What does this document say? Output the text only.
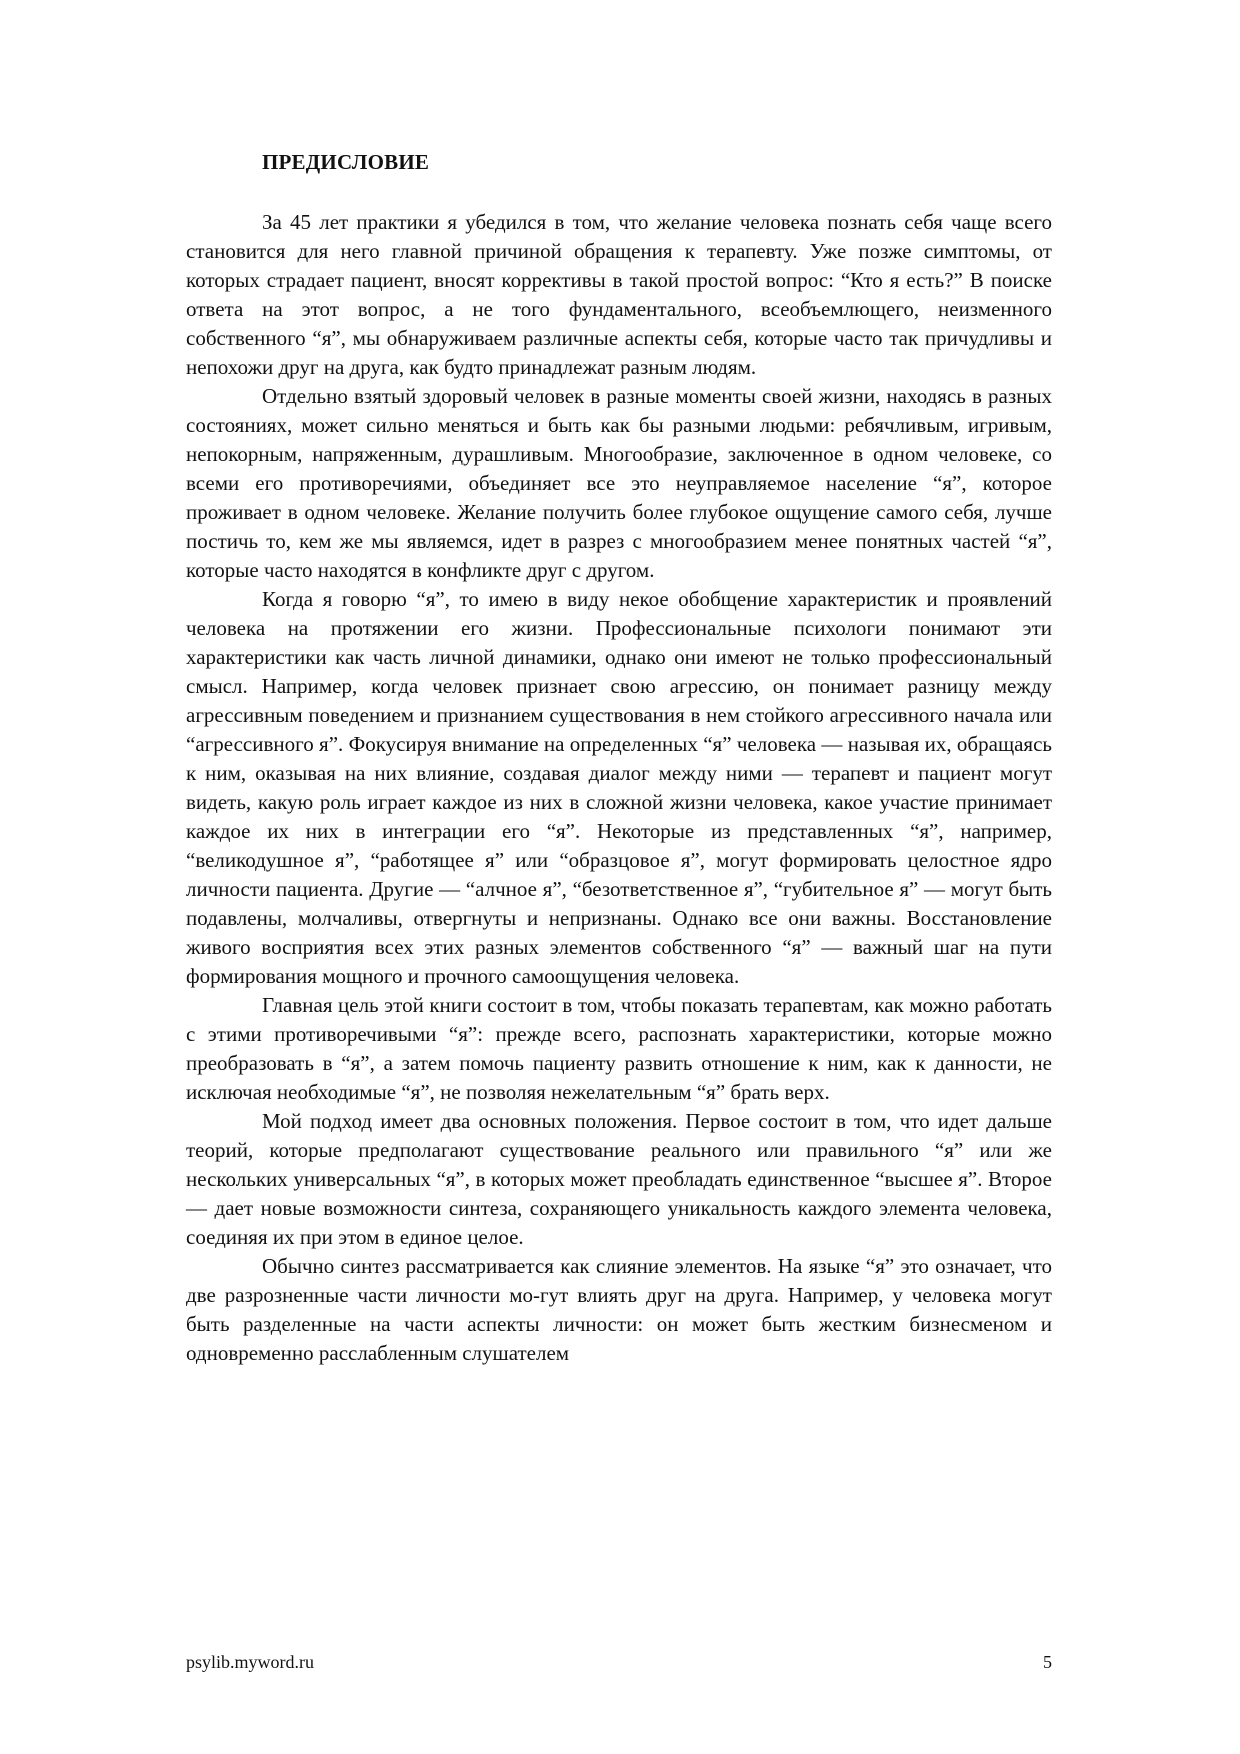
ПРЕДИСЛОВИЕ

За 45 лет практики я убедился в том, что желание человека познать себя чаще всего становится для него главной причиной обращения к терапевту. Уже позже симптомы, от которых страдает пациент, вносят коррективы в такой простой вопрос: “Кто я есть?” В поиске ответа на этот вопрос, а не того фундаментального, всеобъемлющего, неизменного собственного “я”, мы обнаруживаем различные аспекты себя, которые часто так причудливы и непохожи друг на друга, как будто принадлежат разным людям.

Отдельно взятый здоровый человек в разные моменты своей жизни, находясь в разных состояниях, может сильно меняться и быть как бы разными людьми: ребячливым, игривым, непокорным, напряженным, дурашливым. Многообразие, заключенное в одном человеке, со всеми его противоречиями, объединяет все это неуправляемое население “я”, которое проживает в одном человеке. Желание получить более глубокое ощущение самого себя, лучше постичь то, кем же мы являемся, идет в разрез с многообразием менее понятных частей “я”, которые часто находятся в конфликте друг с другом.

Когда я говорю “я”, то имею в виду некое обобщение характеристик и проявлений человека на протяжении его жизни. Профессиональные психологи понимают эти характеристики как часть личной динамики, однако они имеют не только профессиональный смысл. Например, когда человек признает свою агрессию, он понимает разницу между агрессивным поведением и признанием существования в нем стойкого агрессивного начала или “агрессивного я”. Фокусируя внимание на определенных “я” человека — называя их, обращаясь к ним, оказывая на них влияние, создавая диалог между ними — терапевт и пациент могут видеть, какую роль играет каждое из них в сложной жизни человека, какое участие принимает каждое их них в интеграции его “я”. Некоторые из представленных “я”, например, “великодушное я”, “работящее я” или “образцовое я”, могут формировать целостное ядро личности пациента. Другие — “алчное я”, “безответственное я”, “губительное я” — могут быть подавлены, молчаливы, отвергнуты и непризнаны. Однако все они важны. Восстановление живого восприятия всех этих разных элементов собственного “я” — важный шаг на пути формирования мощного и прочного самоощущения человека.

Главная цель этой книги состоит в том, чтобы показать терапевтам, как можно работать с этими противоречивыми “я”: прежде всего, распознать характеристики, которые можно преобразовать в “я”, а затем помочь пациенту развить отношение к ним, как к данности, не исключая необходимые “я”, не позволяя нежелательным “я” брать верх.

Мой подход имеет два основных положения. Первое состоит в том, что идет дальше теорий, которые предполагают существование реального или правильного “я” или же нескольких универсальных “я”, в которых может преобладать единственное “высшее я”. Второе — дает новые возможности синтеза, сохраняющего уникальность каждого элемента человека, соединяя их при этом в единое целое.

Обычно синтез рассматривается как слияние элементов. На языке “я” это означает, что две разрозненные части личности мо-гут влиять друг на друга. Например, у человека могут быть разделенные на части аспекты личности: он может быть жестким бизнесменом и одновременно расслабленным слушателем

psylib.myword.ru	5
